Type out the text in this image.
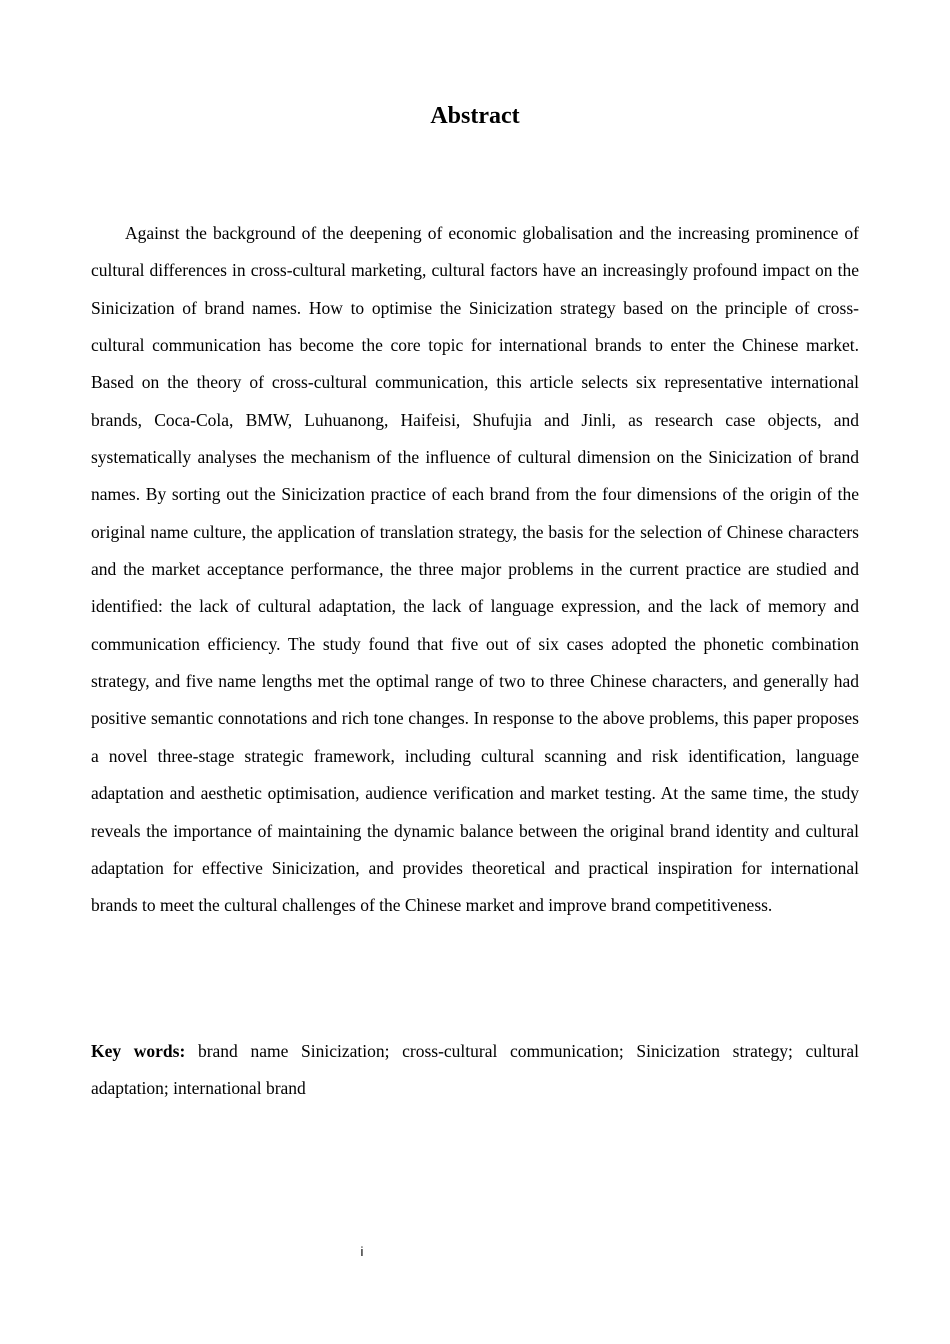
Abstract

Against the background of the deepening of economic globalisation and the increasing prominence of cultural differences in cross-cultural marketing, cultural factors have an increasingly profound impact on the Sinicization of brand names. How to optimise the Sinicization strategy based on the principle of cross-cultural communication has become the core topic for international brands to enter the Chinese market. Based on the theory of cross-cultural communication, this article selects six representative international brands, Coca-Cola, BMW, Luhuanong, Haifeisi, Shufujia and Jinli, as research case objects, and systematically analyses the mechanism of the influence of cultural dimension on the Sinicization of brand names. By sorting out the Sinicization practice of each brand from the four dimensions of the origin of the original name culture, the application of translation strategy, the basis for the selection of Chinese characters and the market acceptance performance, the three major problems in the current practice are studied and identified: the lack of cultural adaptation, the lack of language expression, and the lack of memory and communication efficiency. The study found that five out of six cases adopted the phonetic combination strategy, and five name lengths met the optimal range of two to three Chinese characters, and generally had positive semantic connotations and rich tone changes. In response to the above problems, this paper proposes a novel three-stage strategic framework, including cultural scanning and risk identification, language adaptation and aesthetic optimisation, audience verification and market testing. At the same time, the study reveals the importance of maintaining the dynamic balance between the original brand identity and cultural adaptation for effective Sinicization, and provides theoretical and practical inspiration for international brands to meet the cultural challenges of the Chinese market and improve brand competitiveness.

Key words: brand name Sinicization; cross-cultural communication; Sinicization strategy; cultural adaptation; international brand

i
